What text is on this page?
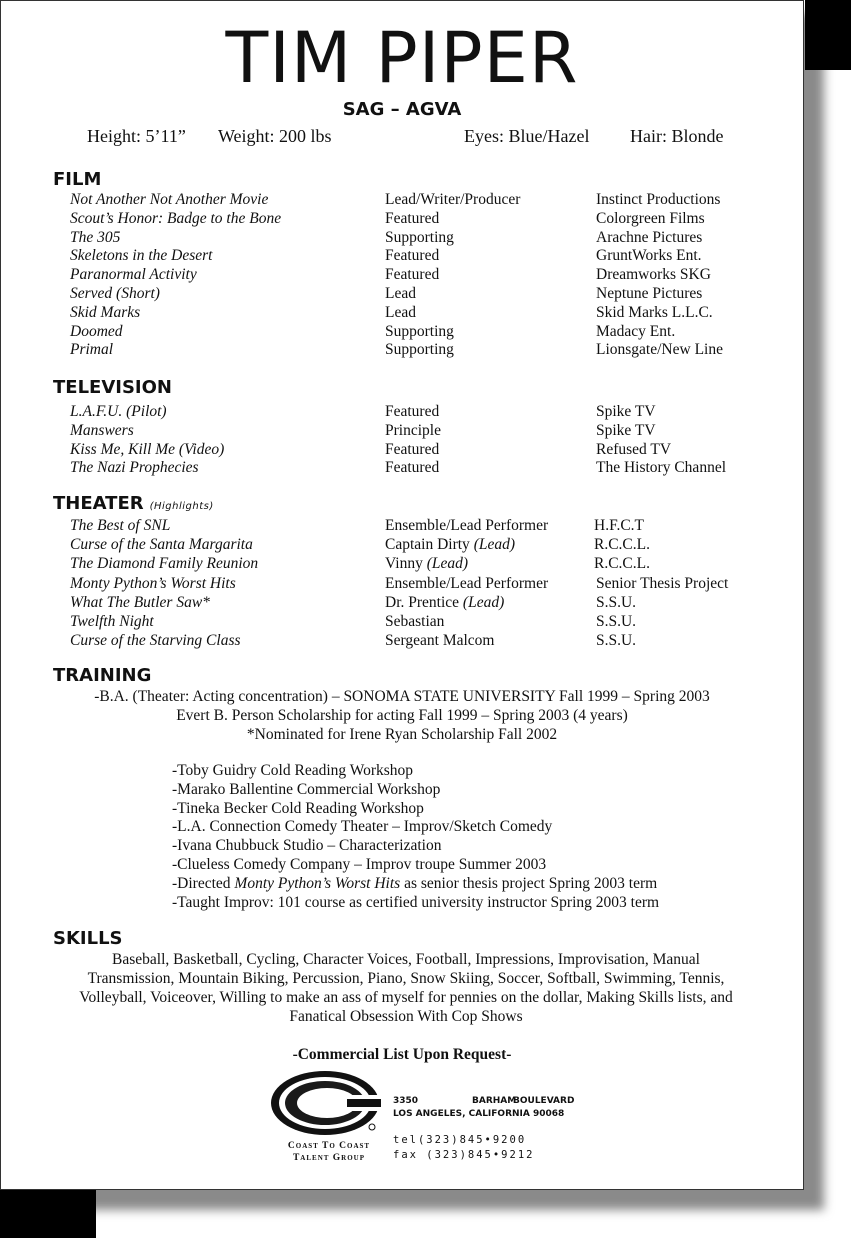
TIM PIPER
SAG – AGVA
Height: 5’11” Weight: 200 lbs	Eyes: Blue/Hazel Hair: Blonde
FILM
Not Another Not Another Movie	Lead/Writer/Producer	Instinct Productions
Scout’s Honor: Badge to the Bone	Featured	Colorgreen Films
The 305	Supporting	Arachne Pictures
Skeletons in the Desert	Featured	GruntWorks Ent.
Paranormal Activity	Featured	Dreamworks SKG
Served (Short)	Lead	Neptune Pictures
Skid Marks	Lead	Skid Marks L.L.C.
Doomed	Supporting	Madacy Ent.
Primal	Supporting	Lionsgate/New Line
TELEVISION
L.A.F.U. (Pilot)	Featured	Spike TV
Manswers	Principle	Spike TV
Kiss Me, Kill Me (Video)	Featured	Refused TV
The Nazi Prophecies	Featured	The History Channel
THEATER (Highlights)
The Best of SNL	Ensemble/Lead Performer	H.F.C.T
Curse of the Santa Margarita	Captain Dirty (Lead)	R.C.C.L.
The Diamond Family Reunion	Vinny (Lead)	R.C.C.L.
Monty Python’s Worst Hits	Ensemble/Lead Performer	Senior Thesis Project
What The Butler Saw*	Dr. Prentice (Lead)	S.S.U.
Twelfth Night	Sebastian	S.S.U.
Curse of the Starving Class	Sergeant Malcom	S.S.U.
TRAINING
-B.A. (Theater: Acting concentration) – SONOMA STATE UNIVERSITY Fall 1999 – Spring 2003
Evert B. Person Scholarship for acting Fall 1999 – Spring 2003 (4 years)
*Nominated for Irene Ryan Scholarship Fall 2002
-Toby Guidry Cold Reading Workshop
-Marako Ballentine Commercial Workshop
-Tineka Becker Cold Reading Workshop
-L.A. Connection Comedy Theater – Improv/Sketch Comedy
-Ivana Chubbuck Studio – Characterization
-Clueless Comedy Company – Improv troupe Summer 2003
-Directed Monty Python’s Worst Hits as senior thesis project Spring 2003 term
-Taught Improv: 101 course as certified university instructor Spring 2003 term
SKILLS
Baseball, Basketball, Cycling, Character Voices, Football, Impressions, Improvisation, Manual Transmission, Mountain Biking, Percussion, Piano, Snow Skiing, Soccer, Softball, Swimming, Tennis, Volleyball, Voiceover, Willing to make an ass of myself for pennies on the dollar, Making Skills lists, and Fanatical Obsession With Cop Shows
-Commercial List Upon Request-
Coast To Coast
Talent Group
3350	BARHAM
BOULEVARD
LOS ANGELES, CALIFORNIA 90068
tel(323)845•9200
fax (323)845•9212
